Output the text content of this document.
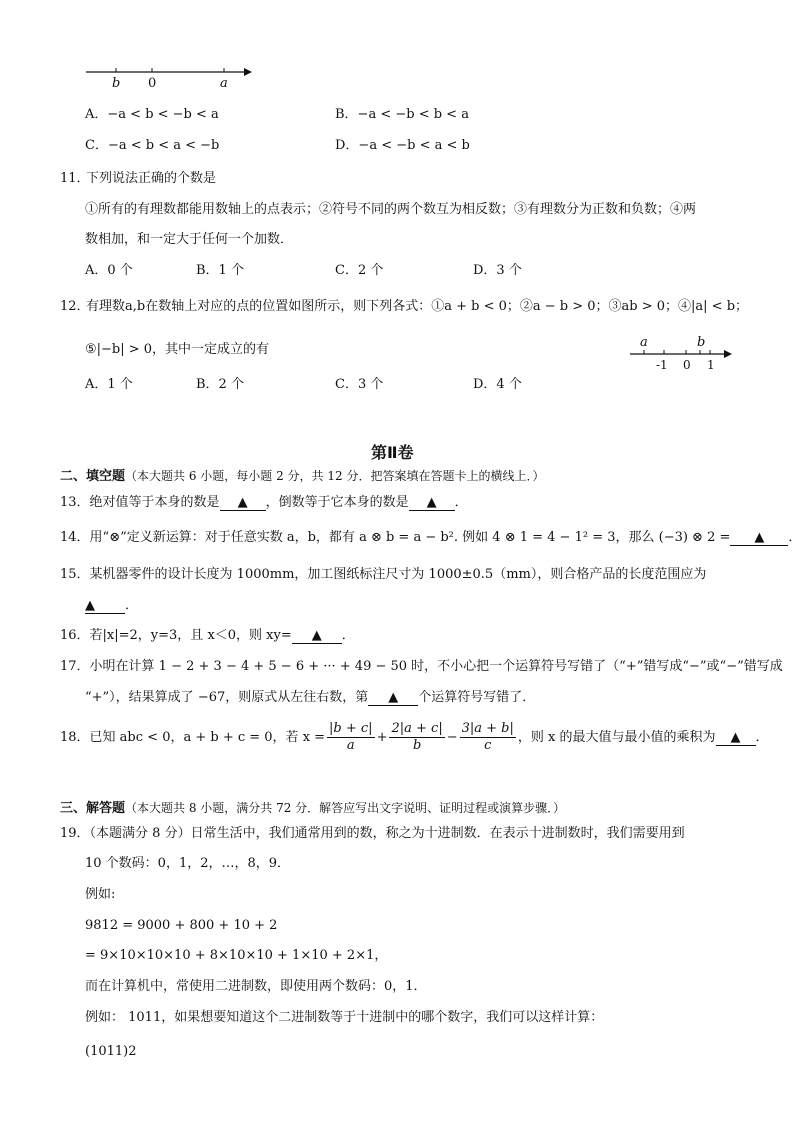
b 0	a
A．−a < b < −b < a	B．−a < −b < b < a
C．−a < b < a < −b	D．−a < −b < a < b
11．
下列说法正确的个数是
①所有的有理数都能用数轴上的点表示；②符号不同的两个数互为相反数；③有理数分为正数和负数；④两
数相加，和一定大于任何一个加数．
A．0 个	B．1 个	C．2 个	D．3 个
12．
有理数a,b在数轴上对应的点的位置如图所示，则下列各式：①a + b < 0；②a − b > 0；③ab > 0；④|a| < b；
⑤|−b| > 0，其中一定成立的有	a	b
-1 0 1
A．1 个	B．2 个	C．3 个	D．4 个
第Ⅱ卷
二、填空题（本大题共 6 小题，每小题 2 分，共 12 分．把答案填在答题卡上的横线上．）
13．绝对值等于本身的数是 ▲ ，倒数等于它本身的数是 ▲ ．
14．用“⊗”定义新运算：对于任意实数 a，b，都有 a ⊗ b = a − b². 例如 4 ⊗ 1 = 4 − 1² = 3，那么 (−3) ⊗ 2 = ▲ ．
15．某机器零件的设计长度为 1000mm，加工图纸标注尺寸为 1000±0.5（mm），则合格产品的长度范围应为
▲ ．
16．若|x|=2，y=3，且 x＜0，则 xy= ▲ ．
17．小明在计算 1 − 2 + 3 − 4 + 5 − 6 + ··· + 49 − 50 时，不小心把一个运算符号写错了（“+”错写成“−”或“−”错写成
“+”），结果算成了 −67，则原式从左往右数，第 ▲ 个运算符号写错了．
18．已知 abc < 0，a + b + c = 0，若 $x = \frac{|b + c|}{a} + \frac{2|a + c|}{b} - \frac{3|a + b|}{c}$ ，则 x 的最大值与最小值的乘积为 ▲ ．
三、解答题（本大题共 8 小题，满分共 72 分．解答应写出文字说明、证明过程或演算步骤．）
19．（本题满分 8 分）日常生活中，我们通常用到的数，称之为十进制数．在表示十进制数时，我们需要用到
10 个数码：0，1，2，…，8，9．
例如:
9812 = 9000 + 800 + 10 + 2
= 9×10×10×10 + 8×10×10 + 1×10 + 2×1，
而在计算机中，常使用二进制数，即使用两个数码：0，1．
例如： 1011，如果想要知道这个二进制数等于十进制中的哪个数字，我们可以这样计算：
(1011)2
